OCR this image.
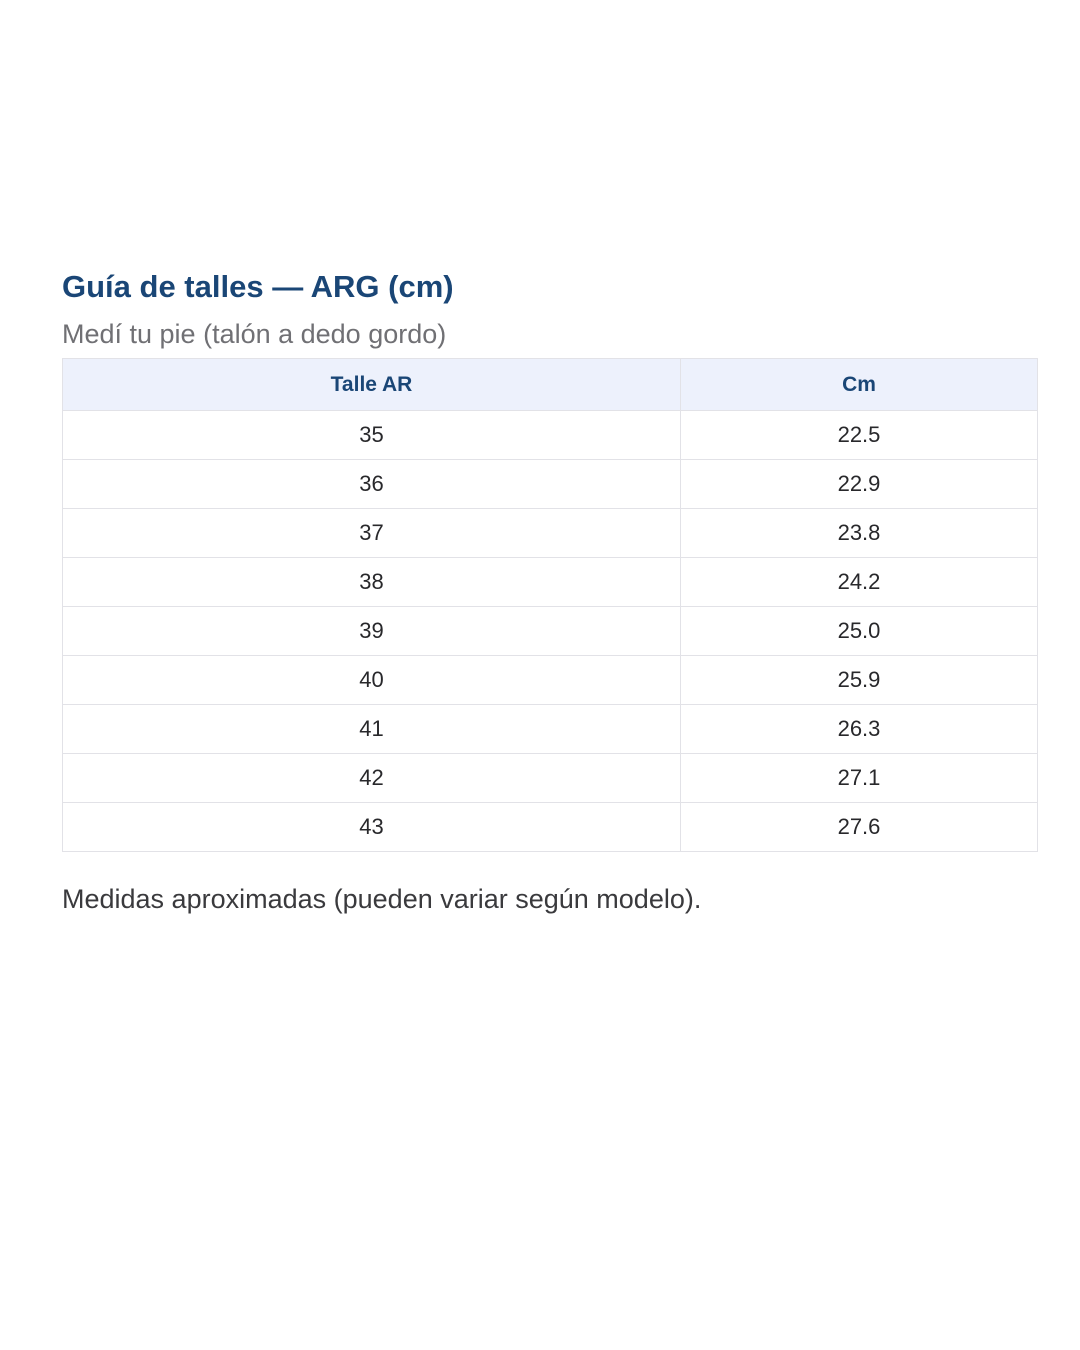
Guía de talles — ARG (cm)

Medí tu pie (talón a dedo gordo)

Talle AR	Cm
35	22.5
36	22.9
37	23.8
38	24.2
39	25.0
40	25.9
41	26.3
42	27.1
43	27.6

Medidas aproximadas (pueden variar según modelo).
